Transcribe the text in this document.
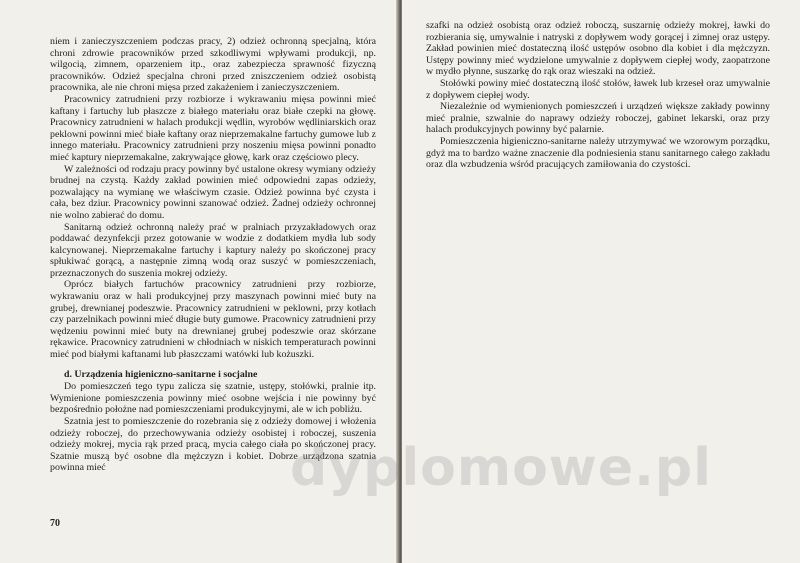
niem i zanieczyszczeniem podczas pracy, 2) odzież ochronną specjalną, która chroni zdrowie pracowników przed szkodliwymi wpływami produkcji, np. wilgocią, zimnem, oparzeniem itp., oraz zabezpiecza sprawność fizyczną pracowników. Odzież specjalna chroni przed zniszczeniem odzież osobistą pracownika, ale nie chroni mięsa przed zakażeniem i zanieczyszczeniem.

Pracownicy zatrudnieni przy rozbiorze i wykrawaniu mięsa powinni mieć kaftany i fartuchy lub płaszcze z białego materiału oraz białe czepki na głowę. Pracownicy zatrudnieni w halach produkcji wędlin, wyrobów wędliniarskich oraz peklowni powinni mieć białe kaftany oraz nieprzemakalne fartuchy gumowe lub z innego materiału. Pracownicy zatrudnieni przy noszeniu mięsa powinni ponadto mieć kaptury nieprzemakalne, zakrywające głowę, kark oraz częściowo plecy.

W zależności od rodzaju pracy powinny być ustalone okresy wymiany odzieży brudnej na czystą. Każdy zakład powinien mieć odpowiedni zapas odzieży, pozwalający na wymianę we właściwym czasie. Odzież powinna być czysta i cała, bez dziur. Pracownicy powinni szanować odzież. Żadnej odzieży ochronnej nie wolno zabierać do domu.

Sanitarną odzież ochronną należy prać w pralniach przyzakładowych oraz poddawać dezynfekcji przez gotowanie w wodzie z dodatkiem mydła lub sody kalcynowanej. Nieprzemakalne fartuchy i kaptury należy po skończonej pracy spłukiwać gorącą, a następnie zimną wodą oraz suszyć w pomieszczeniach, przeznaczonych do suszenia mokrej odzieży.

Oprócz białych fartuchów pracownicy zatrudnieni przy rozbiorze, wykrawaniu oraz w hali produkcyjnej przy maszynach powinni mieć buty na grubej, drewnianej podeszwie. Pracownicy zatrudnieni w peklowni, przy kotłach czy parzelnikach powinni mieć długie buty gumowe. Pracownicy zatrudnieni przy wędzeniu powinni mieć buty na drewnianej grubej podeszwie oraz skórzane rękawice. Pracownicy zatrudnieni w chłodniach w niskich temperaturach powinni mieć pod białymi kaftanami lub płaszczami watówki lub kożuszki.

d. Urządzenia higieniczno-sanitarne i socjalne

Do pomieszczeń tego typu zalicza się szatnie, ustępy, stołówki, pralnie itp. Wymienione pomieszczenia powinny mieć osobne wejścia i nie powinny być bezpośrednio położne nad pomieszczeniami produkcyjnymi, ale w ich pobliżu.

Szatnia jest to pomieszczenie do rozebrania się z odzieży domowej i włożenia odzieży roboczej, do przechowywania odzieży osobistej i roboczej, suszenia odzieży mokrej, mycia rąk przed pracą, mycia całego ciała po skończonej pracy. Szatnie muszą być osobne dla mężczyzn i kobiet. Dobrze urządzona szatnia powinna mieć

70

szafki na odzież osobistą oraz odzież roboczą, suszarnię odzieży mokrej, ławki do rozbierania się, umywalnie i natryski z dopływem wody gorącej i zimnej oraz ustępy. Zakład powinien mieć dostateczną ilość ustępów osobno dla kobiet i dla mężczyzn. Ustępy powinny mieć wydzielone umywalnie z dopływem ciepłej wody, zaopatrzone w mydło płynne, suszarkę do rąk oraz wieszaki na odzież.

Stołówki powiny mieć dostateczną ilość stołów, ławek lub krzeseł oraz umywalnie z dopływem ciepłej wody.

Niezależnie od wymienionych pomieszczeń i urządzeń większe zakłady powinny mieć pralnie, szwalnie do naprawy odzieży roboczej, gabinet lekarski, oraz przy halach produkcyjnych powinny być palarnie.

Pomieszczenia higieniczno-sanitarne należy utrzymywać we wzorowym porządku, gdyż ma to bardzo ważne znaczenie dla podniesienia stanu sanitarnego całego zakładu oraz dla wzbudzenia wśród pracujących zamiłowania do czystości.

dyplomowe.pl
